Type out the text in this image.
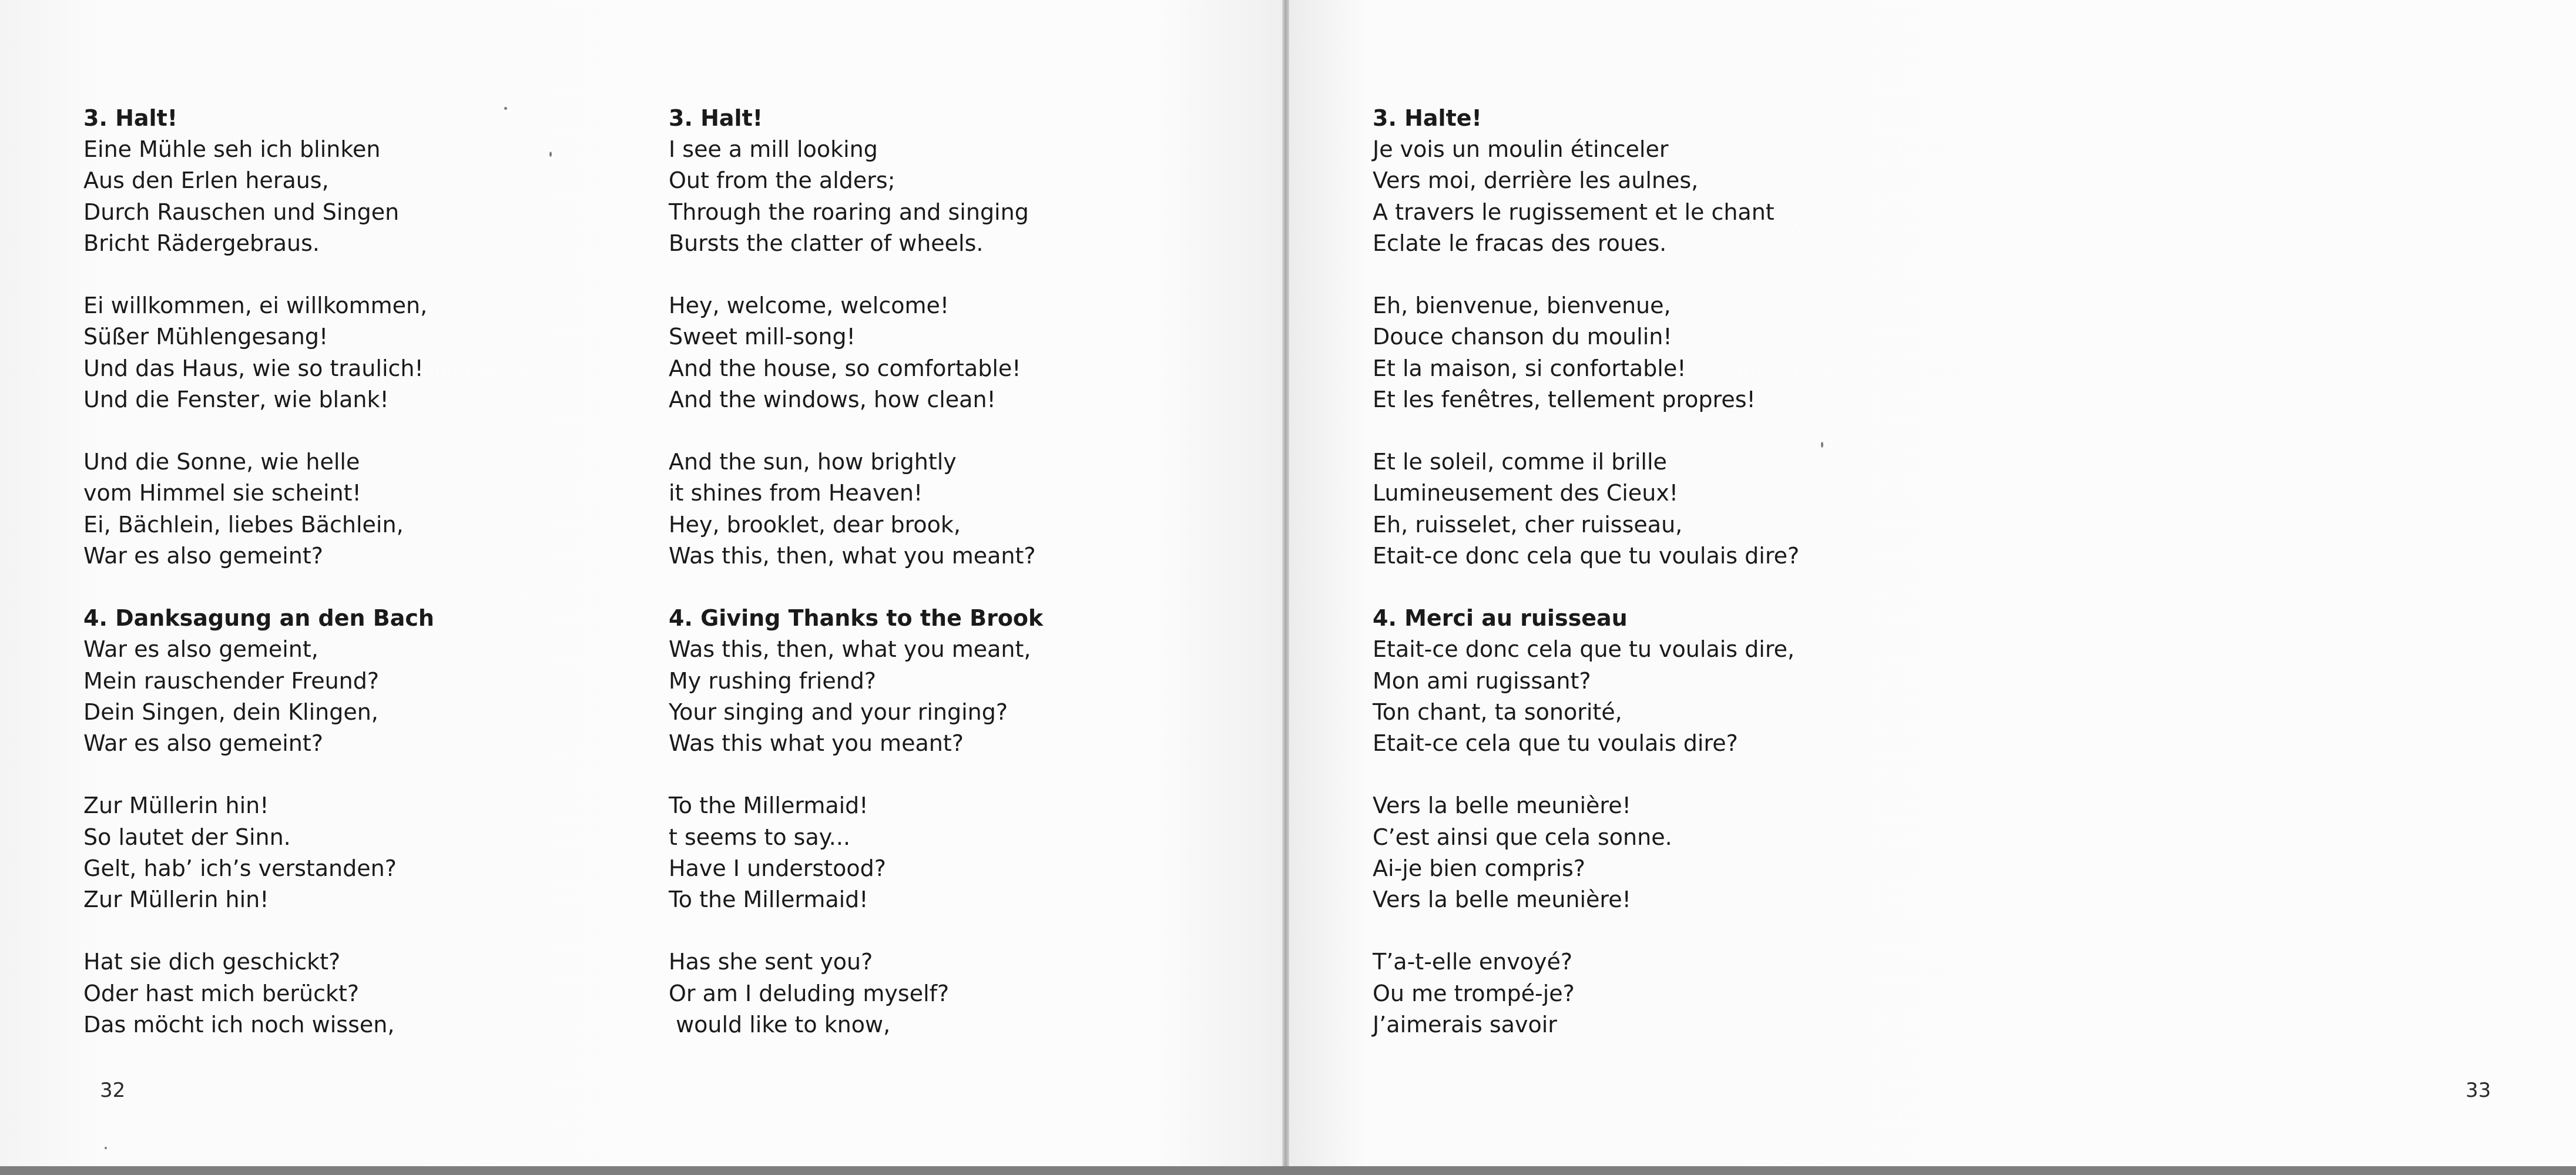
3. Halt!
Eine Mühle seh ich blinken
Aus den Erlen heraus,
Durch Rauschen und Singen
Bricht Rädergebraus.
Ei willkommen, ei willkommen,
Süßer Mühlengesang!
Und das Haus, wie so traulich!
Und die Fenster, wie blank!
Und die Sonne, wie helle
vom Himmel sie scheint!
Ei, Bächlein, liebes Bächlein,
War es also gemeint?
4. Danksagung an den Bach
War es also gemeint,
Mein rauschender Freund?
Dein Singen, dein Klingen,
War es also gemeint?
Zur Müllerin hin!
So lautet der Sinn.
Gelt, hab’ ich’s verstanden?
Zur Müllerin hin!
Hat sie dich geschickt?
Oder hast mich berückt?
Das möcht ich noch wissen,
3. Halt!
I see a mill looking
Out from the alders;
Through the roaring and singing
Bursts the clatter of wheels.
Hey, welcome, welcome!
Sweet mill-song!
And the house, so comfortable!
And the windows, how clean!
And the sun, how brightly
it shines from Heaven!
Hey, brooklet, dear brook,
Was this, then, what you meant?
4. Giving Thanks to the Brook
Was this, then, what you meant,
My rushing friend?
Your singing and your ringing?
Was this what you meant?
To the Millermaid!
t seems to say...
Have I understood?
To the Millermaid!
Has she sent you?
Or am I deluding myself?
would like to know,
32
3. Halte!
Je vois un moulin étinceler
Vers moi, derrière les aulnes,
A travers le rugissement et le chant
Eclate le fracas des roues.
Eh, bienvenue, bienvenue,
Douce chanson du moulin!
Et la maison, si confortable!
Et les fenêtres, tellement propres!
Et le soleil, comme il brille
Lumineusement des Cieux!
Eh, ruisselet, cher ruisseau,
Etait-ce donc cela que tu voulais dire?
4. Merci au ruisseau
Etait-ce donc cela que tu voulais dire,
Mon ami rugissant?
Ton chant, ta sonorité,
Etait-ce cela que tu voulais dire?
Vers la belle meunière!
C’est ainsi que cela sonne.
Ai-je bien compris?
Vers la belle meunière!
T’a-t-elle envoyé?
Ou me trompé-je?
J’aimerais savoir
33
